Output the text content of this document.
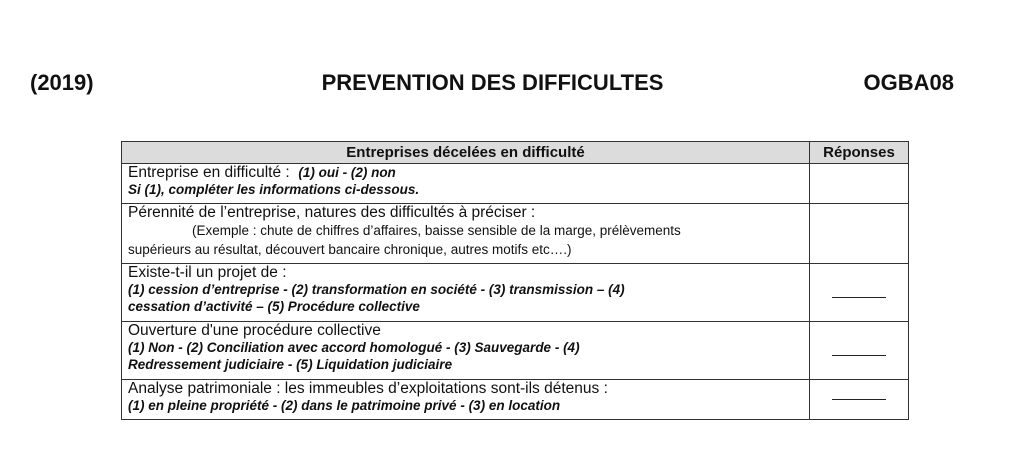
(2019)	PREVENTION DES DIFFICULTES	OGBA08
Entreprises décelées en difficulté	Réponses

Entreprise en difficulté : (1) oui - (2) non
Si (1), compléter les informations ci-dessous.	

Pérennité de l’entreprise, natures des difficultés à préciser :
(Exemple : chute de chiffres d’affaires, baisse sensible de la marge, prélèvements
supérieurs au résultat, découvert bancaire chronique, autres motifs etc….)	

Existe-t-il un projet de :
(1) cession d’entreprise - (2) transformation en société - (3) transmission – (4)
cessation d’activité – (5) Procédure collective	

Ouverture d'une procédure collective
(1) Non - (2) Conciliation avec accord homologué - (3) Sauvegarde - (4)
Redressement judiciaire - (5) Liquidation judiciaire	

Analyse patrimoniale : les immeubles d’exploitations sont-ils détenus :
(1) en pleine propriété - (2) dans le patrimoine privé - (3) en location	
